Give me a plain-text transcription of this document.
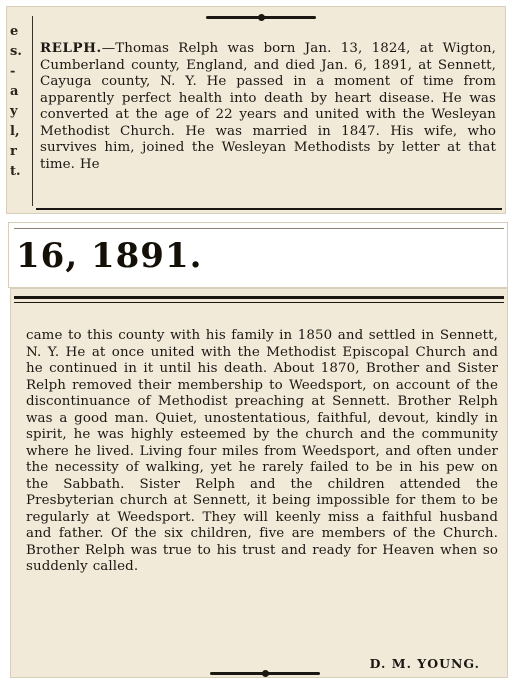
e
s.
-
a
y
l,
r
t.

RELPH.—Thomas Relph was born Jan. 13, 1824, at Wigton, Cumberland county, England, and died Jan. 6, 1891, at Sennett, Cayuga county, N. Y. He passed in a moment of time from apparently perfect health into death by heart disease. He was converted at the age of 22 years and united with the Wesleyan Methodist Church. He was married in 1847. His wife, who survives him, joined the Wesleyan Methodists by letter at that time. He

16, 1891.

came to this county with his family in 1850 and settled in Sennett, N. Y. He at once united with the Methodist Episcopal Church and he continued in it until his death. About 1870, Brother and Sister Relph removed their membership to Weedsport, on account of the discontinuance of Methodist preaching at Sennett. Brother Relph was a good man. Quiet, unostentatious, faithful, devout, kindly in spirit, he was highly esteemed by the church and the community where he lived. Living four miles from Weedsport, and often under the necessity of walking, yet he rarely failed to be in his pew on the Sabbath. Sister Relph and the children attended the Presbyterian church at Sennett, it being impossible for them to be regularly at Weedsport. They will keenly miss a faithful husband and father. Of the six children, five are members of the Church. Brother Relph was true to his trust and ready for Heaven when so suddenly called.

D. M. YOUNG.
